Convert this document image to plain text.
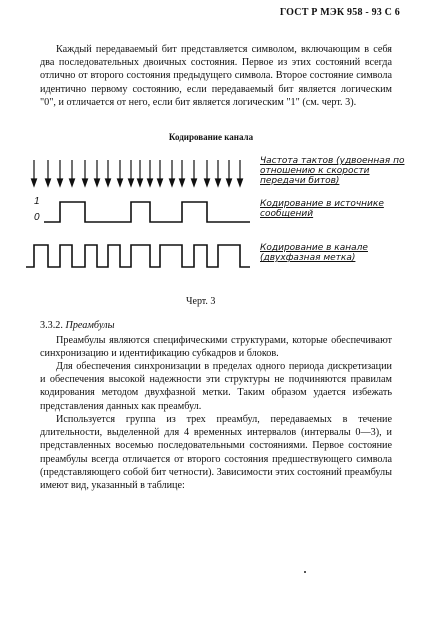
ГОСТ Р МЭК 958 - 93 С 6
Каждый передаваемый бит представляется символом, включающим в себя два последовательных двоичных состояния. Первое из этих состояний всегда отлично от второго состояния предыдущего символа. Второе состояние символа идентично первому состоянию, если передаваемый бит является логическим "0", и отличается от него, если бит является логическим "1" (см. черт. 3).
Кодирование канала
1
0
Частота тактов (удвоенная по отношению к скорости передачи битов)
Кодирование в источнике сообщений
Кодирование в канале (двухфазная метка)
Черт. 3
3.3.2. Преамбулы
Преамбулы являются специфическими структурами, которые обеспечивают синхронизацию и идентификацию субкадров и блоков.
Для обеспечения синхронизации в пределах одного периода дискретизации и обеспечения высокой надежности эти структуры не подчиняются правилам кодирования методом двухфазной метки. Таким образом удается избежать представления данных как преамбул.
Используется группа из трех преамбул, передаваемых в течение длительности, выделенной для 4 временных интервалов (интервалы 0—3), и представленных восемью последовательными состояниями. Первое состояние преамбулы всегда отличается от второго состояния предшествующего символа (представляющего собой бит четности). Зависимости этих состояний преамбулы имеют вид, указанный в таблице:
